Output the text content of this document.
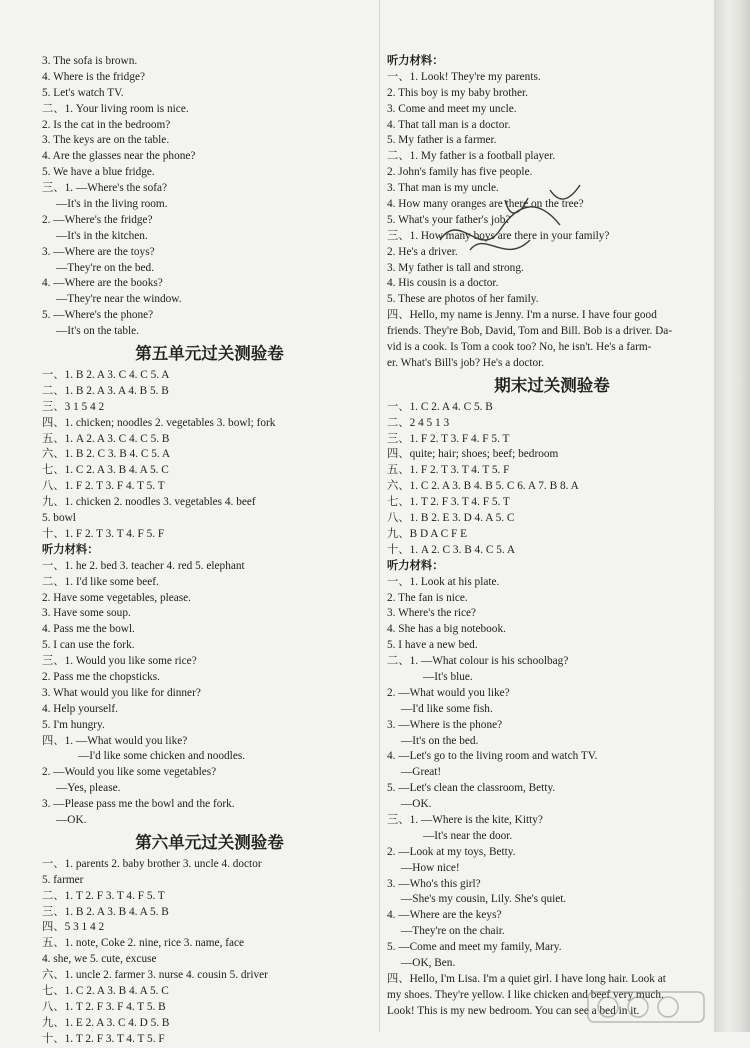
3. The sofa is brown.
4. Where is the fridge?
5. Let's watch TV.
二、1. Your living room is nice.
2. Is the cat in the bedroom?
3. The keys are on the table.
4. Are the glasses near the phone?
5. We have a blue fridge.
三、1. —Where's the sofa?
—It's in the living room.
2. —Where's the fridge?
—It's in the kitchen.
3. —Where are the toys?
—They're on the bed.
4. —Where are the books?
—They're near the window.
5. —Where's the phone?
—It's on the table.
第五单元过关测验卷
一、1. B 2. A 3. C 4. C 5. A
二、1. B 2. A 3. A 4. B 5. B
三、3 1 5 4 2
四、1. chicken; noodles 2. vegetables 3. bowl; fork
五、1. A 2. A 3. C 4. C 5. B
六、1. B 2. C 3. B 4. C 5. A
七、1. C 2. A 3. B 4. A 5. C
八、1. F 2. T 3. F 4. T 5. T
九、1. chicken 2. noodles 3. vegetables 4. beef
5. bowl
十、1. F 2. T 3. T 4. F 5. F
听力材料：
一、1. he 2. bed 3. teacher 4. red 5. elephant
二、1. I'd like some beef.
2. Have some vegetables, please.
3. Have some soup.
4. Pass me the bowl.
5. I can use the fork.
三、1. Would you like some rice?
2. Pass me the chopsticks.
3. What would you like for dinner?
4. Help yourself.
5. I'm hungry.
四、1. —What would you like?
—I'd like some chicken and noodles.
2. —Would you like some vegetables?
—Yes, please.
3. —Please pass me the bowl and the fork.
—OK.
第六单元过关测验卷
一、1. parents 2. baby brother 3. uncle 4. doctor
5. farmer
二、1. T 2. F 3. T 4. F 5. T
三、1. B 2. A 3. B 4. A 5. B
四、5 3 1 4 2
五、1. note, Coke 2. nine, rice 3. name, face
4. she, we 5. cute, excuse
六、1. uncle 2. farmer 3. nurse 4. cousin 5. driver
七、1. C 2. A 3. B 4. A 5. C
八、1. T 2. F 3. F 4. T 5. B
九、1. E 2. A 3. C 4. D 5. B
十、1. T 2. F 3. T 4. T 5. F
听力材料：
一、1. Look! They're my parents.
2. This boy is my baby brother.
3. Come and meet my uncle.
4. That tall man is a doctor.
5. My father is a farmer.
二、1. My father is a football player.
2. John's family has five people.
3. That man is my uncle.
4. How many oranges are there on the tree?
5. What's your father's job?
三、1. How many boys are there in your family?
2. He's a driver.
3. My father is tall and strong.
4. His cousin is a doctor.
5. These are photos of her family.
四、Hello, my name is Jenny. I'm a nurse. I have four good
friends. They're Bob, David, Tom and Bill. Bob is a driver. Da-
vid is a cook. Is Tom a cook too? No, he isn't. He's a farm-
er. What's Bill's job? He's a doctor.
期末过关测验卷
一、1. C 2. A 4. C 5. B
二、2 4 5 1 3
三、1. F 2. T 3. F 4. F 5. T
四、quite; hair; shoes; beef; bedroom
五、1. F 2. T 3. T 4. T 5. F
六、1. C 2. A 3. B 4. B 5. C 6. A 7. B 8. A
七、1. T 2. F 3. T 4. F 5. T
八、1. B 2. E 3. D 4. A 5. C
九、B D A C F E
十、1. A 2. C 3. B 4. C 5. A
听力材料：
一、1. Look at his plate.
2. The fan is nice.
3. Where's the rice?
4. She has a big notebook.
5. I have a new bed.
二、1. —What colour is his schoolbag?
—It's blue.
2. —What would you like?
—I'd like some fish.
3. —Where is the phone?
—It's on the bed.
4. —Let's go to the living room and watch TV.
—Great!
5. —Let's clean the classroom, Betty.
—OK.
三、1. —Where is the kite, Kitty?
—It's near the door.
2. —Look at my toys, Betty.
—How nice!
3. —Who's this girl?
—She's my cousin, Lily. She's quiet.
4. —Where are the keys?
—They're on the chair.
5. —Come and meet my family, Mary.
—OK, Ben.
四、Hello, I'm Lisa. I'm a quiet girl. I have long hair. Look at
my shoes. They're yellow. I like chicken and beef very much.
Look! This is my new bedroom. You can see a bed in it.
